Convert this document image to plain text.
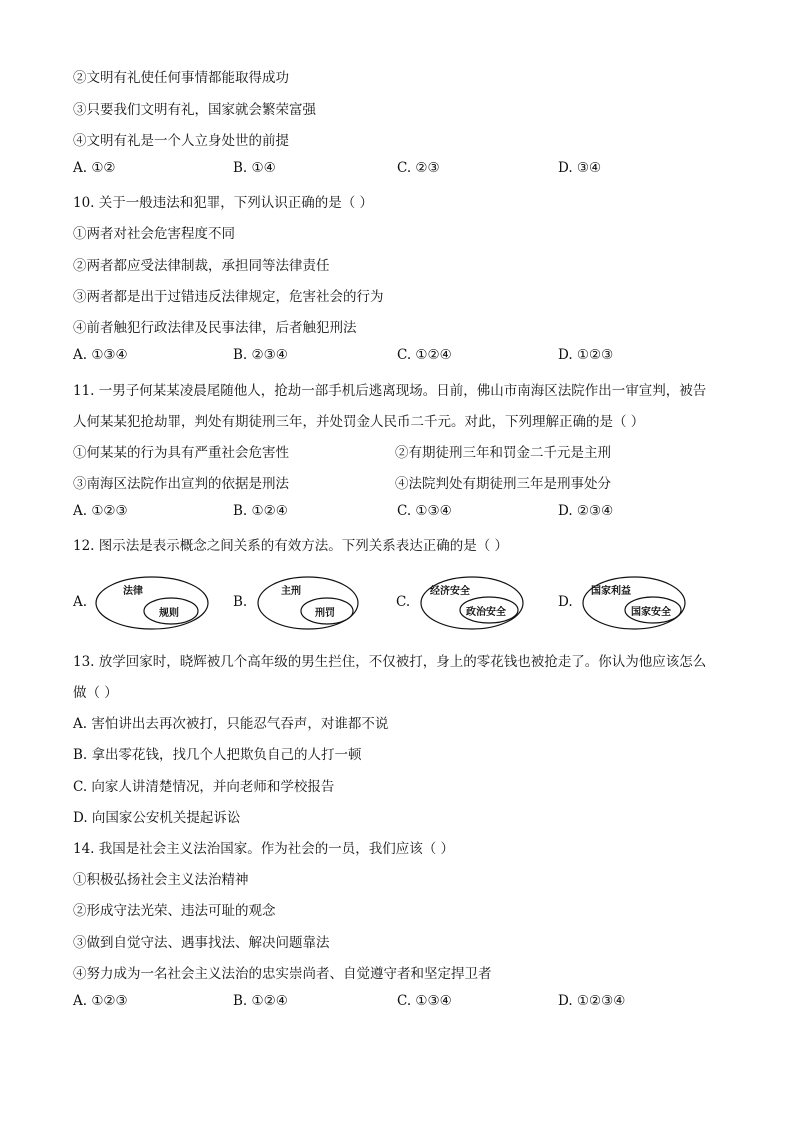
②文明有礼使任何事情都能取得成功
③只要我们文明有礼，国家就会繁荣富强
④文明有礼是一个人立身处世的前提
A. ①②	B. ①④	C. ②③	D. ③④
10. 关于一般违法和犯罪，下列认识正确的是（ ）
①两者对社会危害程度不同
②两者都应受法律制裁，承担同等法律责任
③两者都是出于过错违反法律规定，危害社会的行为
④前者触犯行政法律及民事法律，后者触犯刑法
A. ①③④	B. ②③④	C. ①②④	D. ①②③
11. 一男子何某某凌晨尾随他人，抢劫一部手机后逃离现场。日前，佛山市南海区法院作出一审宣判，被告
人何某某犯抢劫罪，判处有期徒刑三年，并处罚金人民币二千元。对此，下列理解正确的是（ ）
①何某某的行为具有严重社会危害性	②有期徒刑三年和罚金二千元是主刑
③南海区法院作出宣判的依据是刑法	④法院判处有期徒刑三年是刑事处分
A. ①②③	B. ①②④	C. ①③④	D. ②③④
12. 图示法是表示概念之间关系的有效方法。下列关系表达正确的是（ ）
A.
法律
规则
B.
主刑
刑罚
C.
经济安全
政治安全
D.
国家利益
国家安全
13. 放学回家时，晓辉被几个高年级的男生拦住，不仅被打，身上的零花钱也被抢走了。你认为他应该怎么
做（ ）
A. 害怕讲出去再次被打，只能忍气吞声，对谁都不说
B. 拿出零花钱，找几个人把欺负自己的人打一顿
C. 向家人讲清楚情况，并向老师和学校报告
D. 向国家公安机关提起诉讼
14. 我国是社会主义法治国家。作为社会的一员，我们应该（ ）
①积极弘扬社会主义法治精神
②形成守法光荣、违法可耻的观念
③做到自觉守法、遇事找法、解决问题靠法
④努力成为一名社会主义法治的忠实崇尚者、自觉遵守者和坚定捍卫者
A. ①②③	B. ①②④	C. ①③④	D. ①②③④
